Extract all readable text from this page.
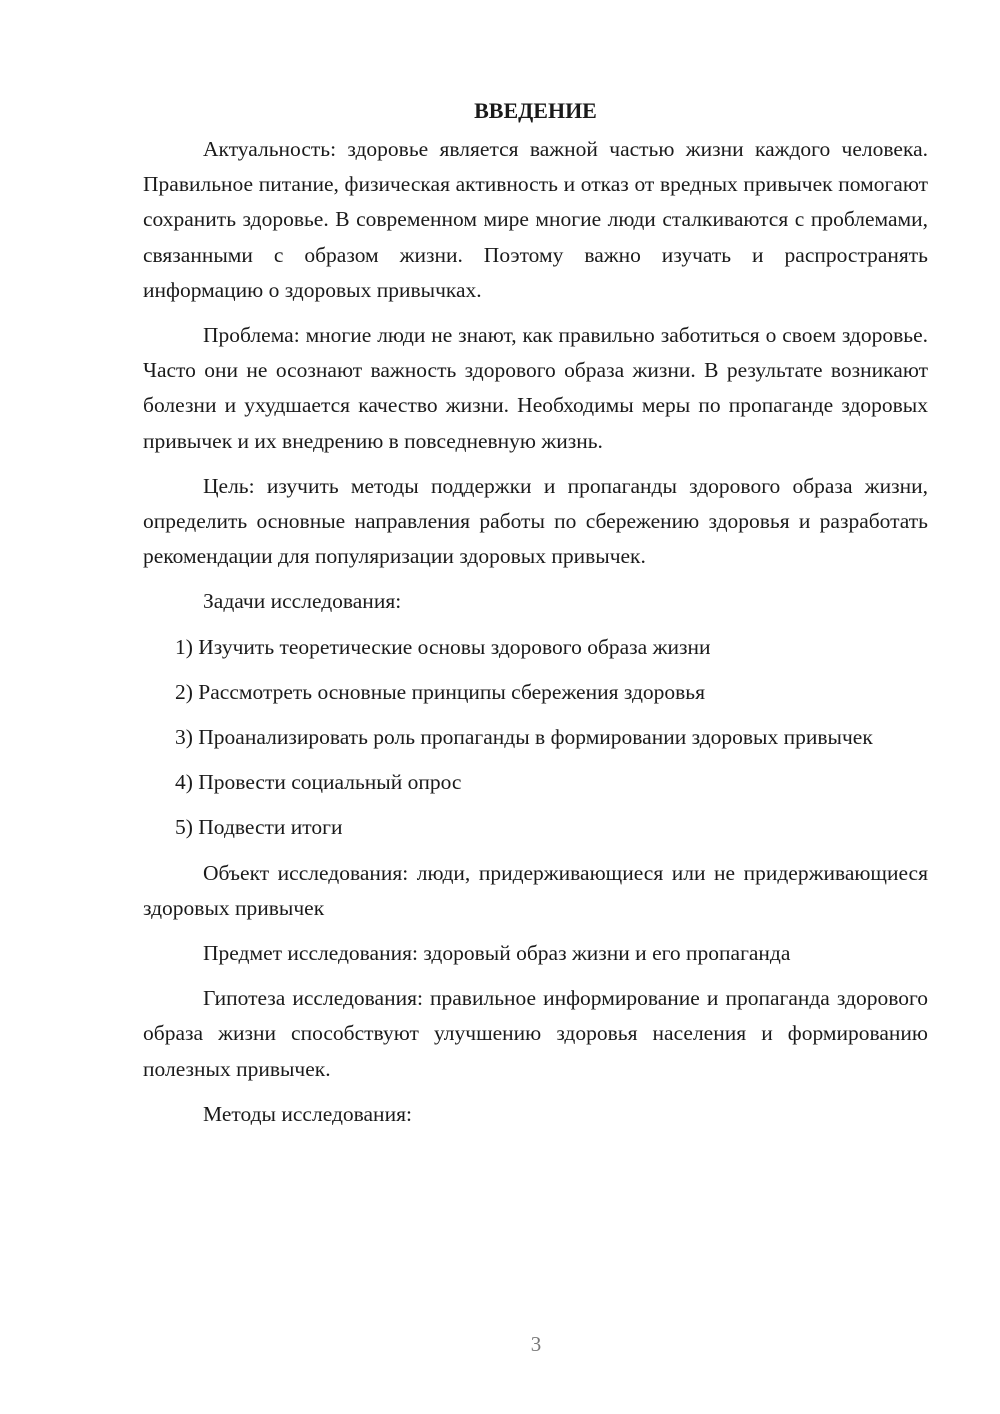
ВВЕДЕНИЕ

Актуальность: здоровье является важной частью жизни каждого человека. Правильное питание, физическая активность и отказ от вредных привычек помогают сохранить здоровье. В современном мире многие люди сталкиваются с проблемами, связанными с образом жизни. Поэтому важно изучать и распространять информацию о здоровых привычках.

Проблема: многие люди не знают, как правильно заботиться о своем здоровье. Часто они не осознают важность здорового образа жизни. В результате возникают болезни и ухудшается качество жизни. Необходимы меры по пропаганде здоровых привычек и их внедрению в повседневную жизнь.

Цель: изучить методы поддержки и пропаганды здорового образа жизни, определить основные направления работы по сбережению здоровья и разработать рекомендации для популяризации здоровых привычек.

Задачи исследования:

1) Изучить теоретические основы здорового образа жизни

2) Рассмотреть основные принципы сбережения здоровья

3) Проанализировать роль пропаганды в формировании здоровых привычек

4) Провести социальный опрос

5) Подвести итоги

Объект исследования: люди, придерживающиеся или не придерживающиеся здоровых привычек

Предмет исследования: здоровый образ жизни и его пропаганда

Гипотеза исследования: правильное информирование и пропаганда здорового образа жизни способствуют улучшению здоровья населения и формированию полезных привычек.

Методы исследования:

3
